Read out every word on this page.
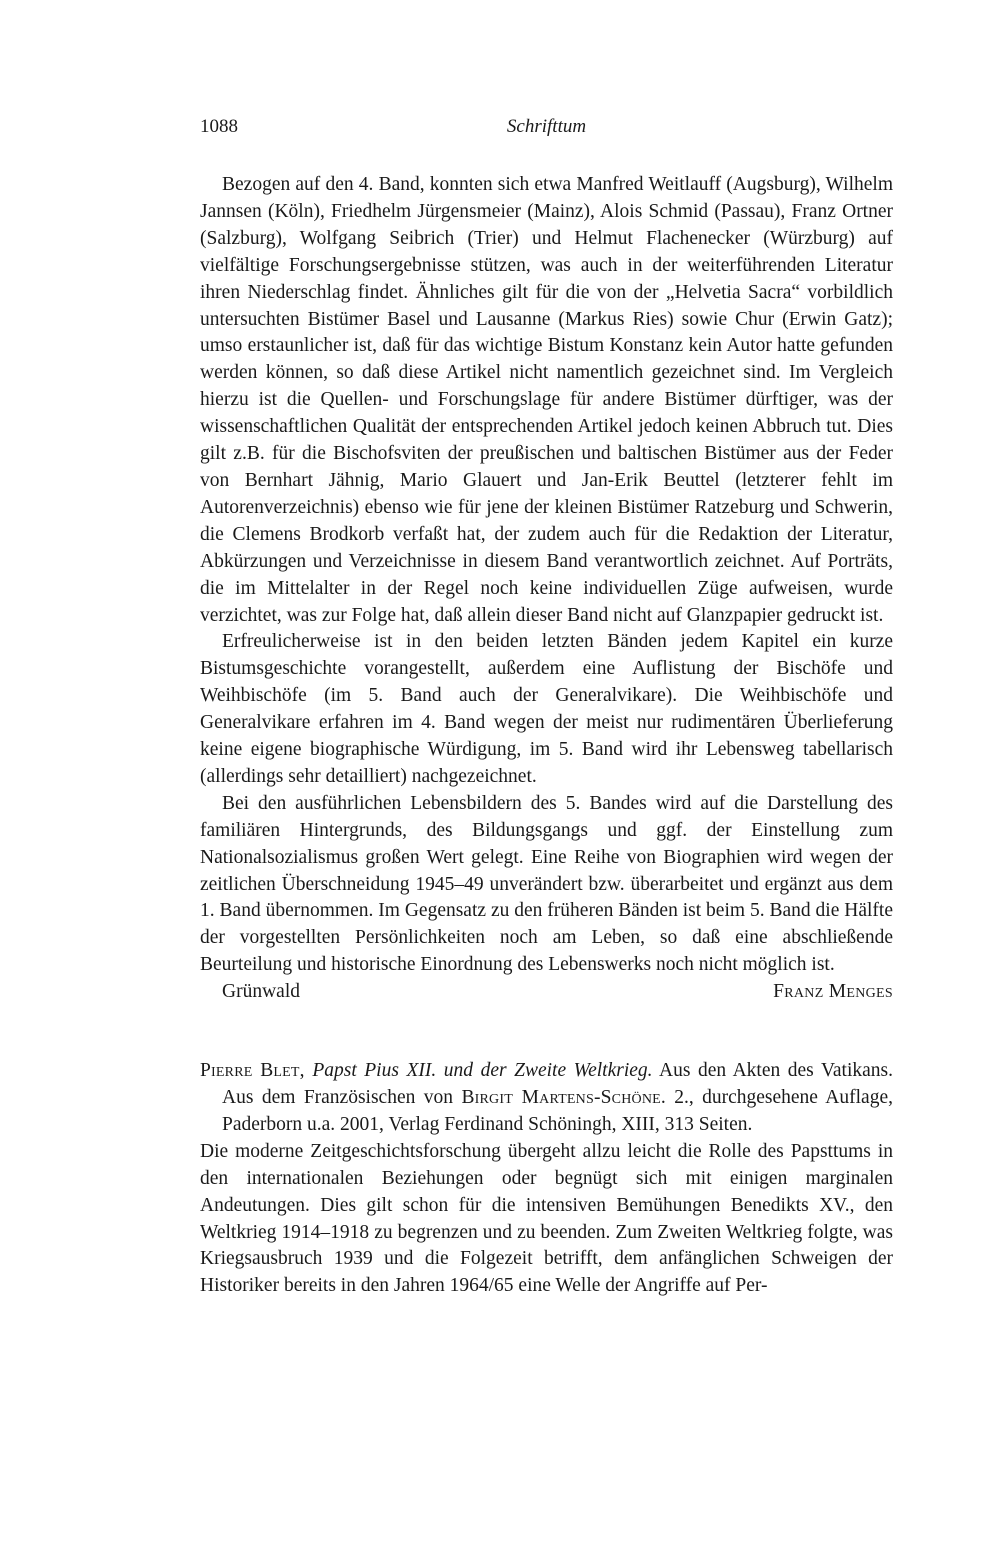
1088	Schrifttum

Bezogen auf den 4. Band, konnten sich etwa Manfred Weitlauff (Augsburg), Wilhelm Jannsen (Köln), Friedhelm Jürgensmeier (Mainz), Alois Schmid (Passau), Franz Ortner (Salzburg), Wolfgang Seibrich (Trier) und Helmut Flachenecker (Würzburg) auf vielfältige Forschungsergebnisse stützen, was auch in der weiterführenden Literatur ihren Niederschlag findet. Ähnliches gilt für die von der „Helvetia Sacra“ vorbildlich untersuchten Bistümer Basel und Lausanne (Markus Ries) sowie Chur (Erwin Gatz); umso erstaunlicher ist, daß für das wichtige Bistum Konstanz kein Autor hatte gefunden werden können, so daß diese Artikel nicht namentlich gezeichnet sind. Im Vergleich hierzu ist die Quellen- und Forschungslage für andere Bistümer dürftiger, was der wissenschaftlichen Qualität der entsprechenden Artikel jedoch keinen Abbruch tut. Dies gilt z.B. für die Bischofsviten der preußischen und baltischen Bistümer aus der Feder von Bernhart Jähnig, Mario Glauert und Jan-Erik Beuttel (letzterer fehlt im Autorenverzeichnis) ebenso wie für jene der kleinen Bistümer Ratzeburg und Schwerin, die Clemens Brodkorb verfaßt hat, der zudem auch für die Redaktion der Literatur, Abkürzungen und Verzeichnisse in diesem Band verantwortlich zeichnet. Auf Porträts, die im Mittelalter in der Regel noch keine individuellen Züge aufweisen, wurde verzichtet, was zur Folge hat, daß allein dieser Band nicht auf Glanzpapier gedruckt ist.

Erfreulicherweise ist in den beiden letzten Bänden jedem Kapitel ein kurze Bistumsgeschichte vorangestellt, außerdem eine Auflistung der Bischöfe und Weihbischöfe (im 5. Band auch der Generalvikare). Die Weihbischöfe und Generalvikare erfahren im 4. Band wegen der meist nur rudimentären Überlieferung keine eigene biographische Würdigung, im 5. Band wird ihr Lebensweg tabellarisch (allerdings sehr detailliert) nachgezeichnet.

Bei den ausführlichen Lebensbildern des 5. Bandes wird auf die Darstellung des familiären Hintergrunds, des Bildungsgangs und ggf. der Einstellung zum Nationalsozialismus großen Wert gelegt. Eine Reihe von Biographien wird wegen der zeitlichen Überschneidung 1945–49 unverändert bzw. überarbeitet und ergänzt aus dem 1. Band übernommen. Im Gegensatz zu den früheren Bänden ist beim 5. Band die Hälfte der vorgestellten Persönlichkeiten noch am Leben, so daß eine abschließende Beurteilung und historische Einordnung des Lebenswerks noch nicht möglich ist.

Grünwald	Franz Menges

Pierre Blet, Papst Pius XII. und der Zweite Weltkrieg. Aus den Akten des Vatikans. Aus dem Französischen von Birgit Martens-Schöne. 2., durchgesehene Auflage, Paderborn u.a. 2001, Verlag Ferdinand Schöningh, XIII, 313 Seiten.

Die moderne Zeitgeschichtsforschung übergeht allzu leicht die Rolle des Papsttums in den internationalen Beziehungen oder begnügt sich mit einigen marginalen Andeutungen. Dies gilt schon für die intensiven Bemühungen Benedikts XV., den Weltkrieg 1914–1918 zu begrenzen und zu beenden. Zum Zweiten Weltkrieg folgte, was Kriegsausbruch 1939 und die Folgezeit betrifft, dem anfänglichen Schweigen der Historiker bereits in den Jahren 1964/65 eine Welle der Angriffe auf Per-
